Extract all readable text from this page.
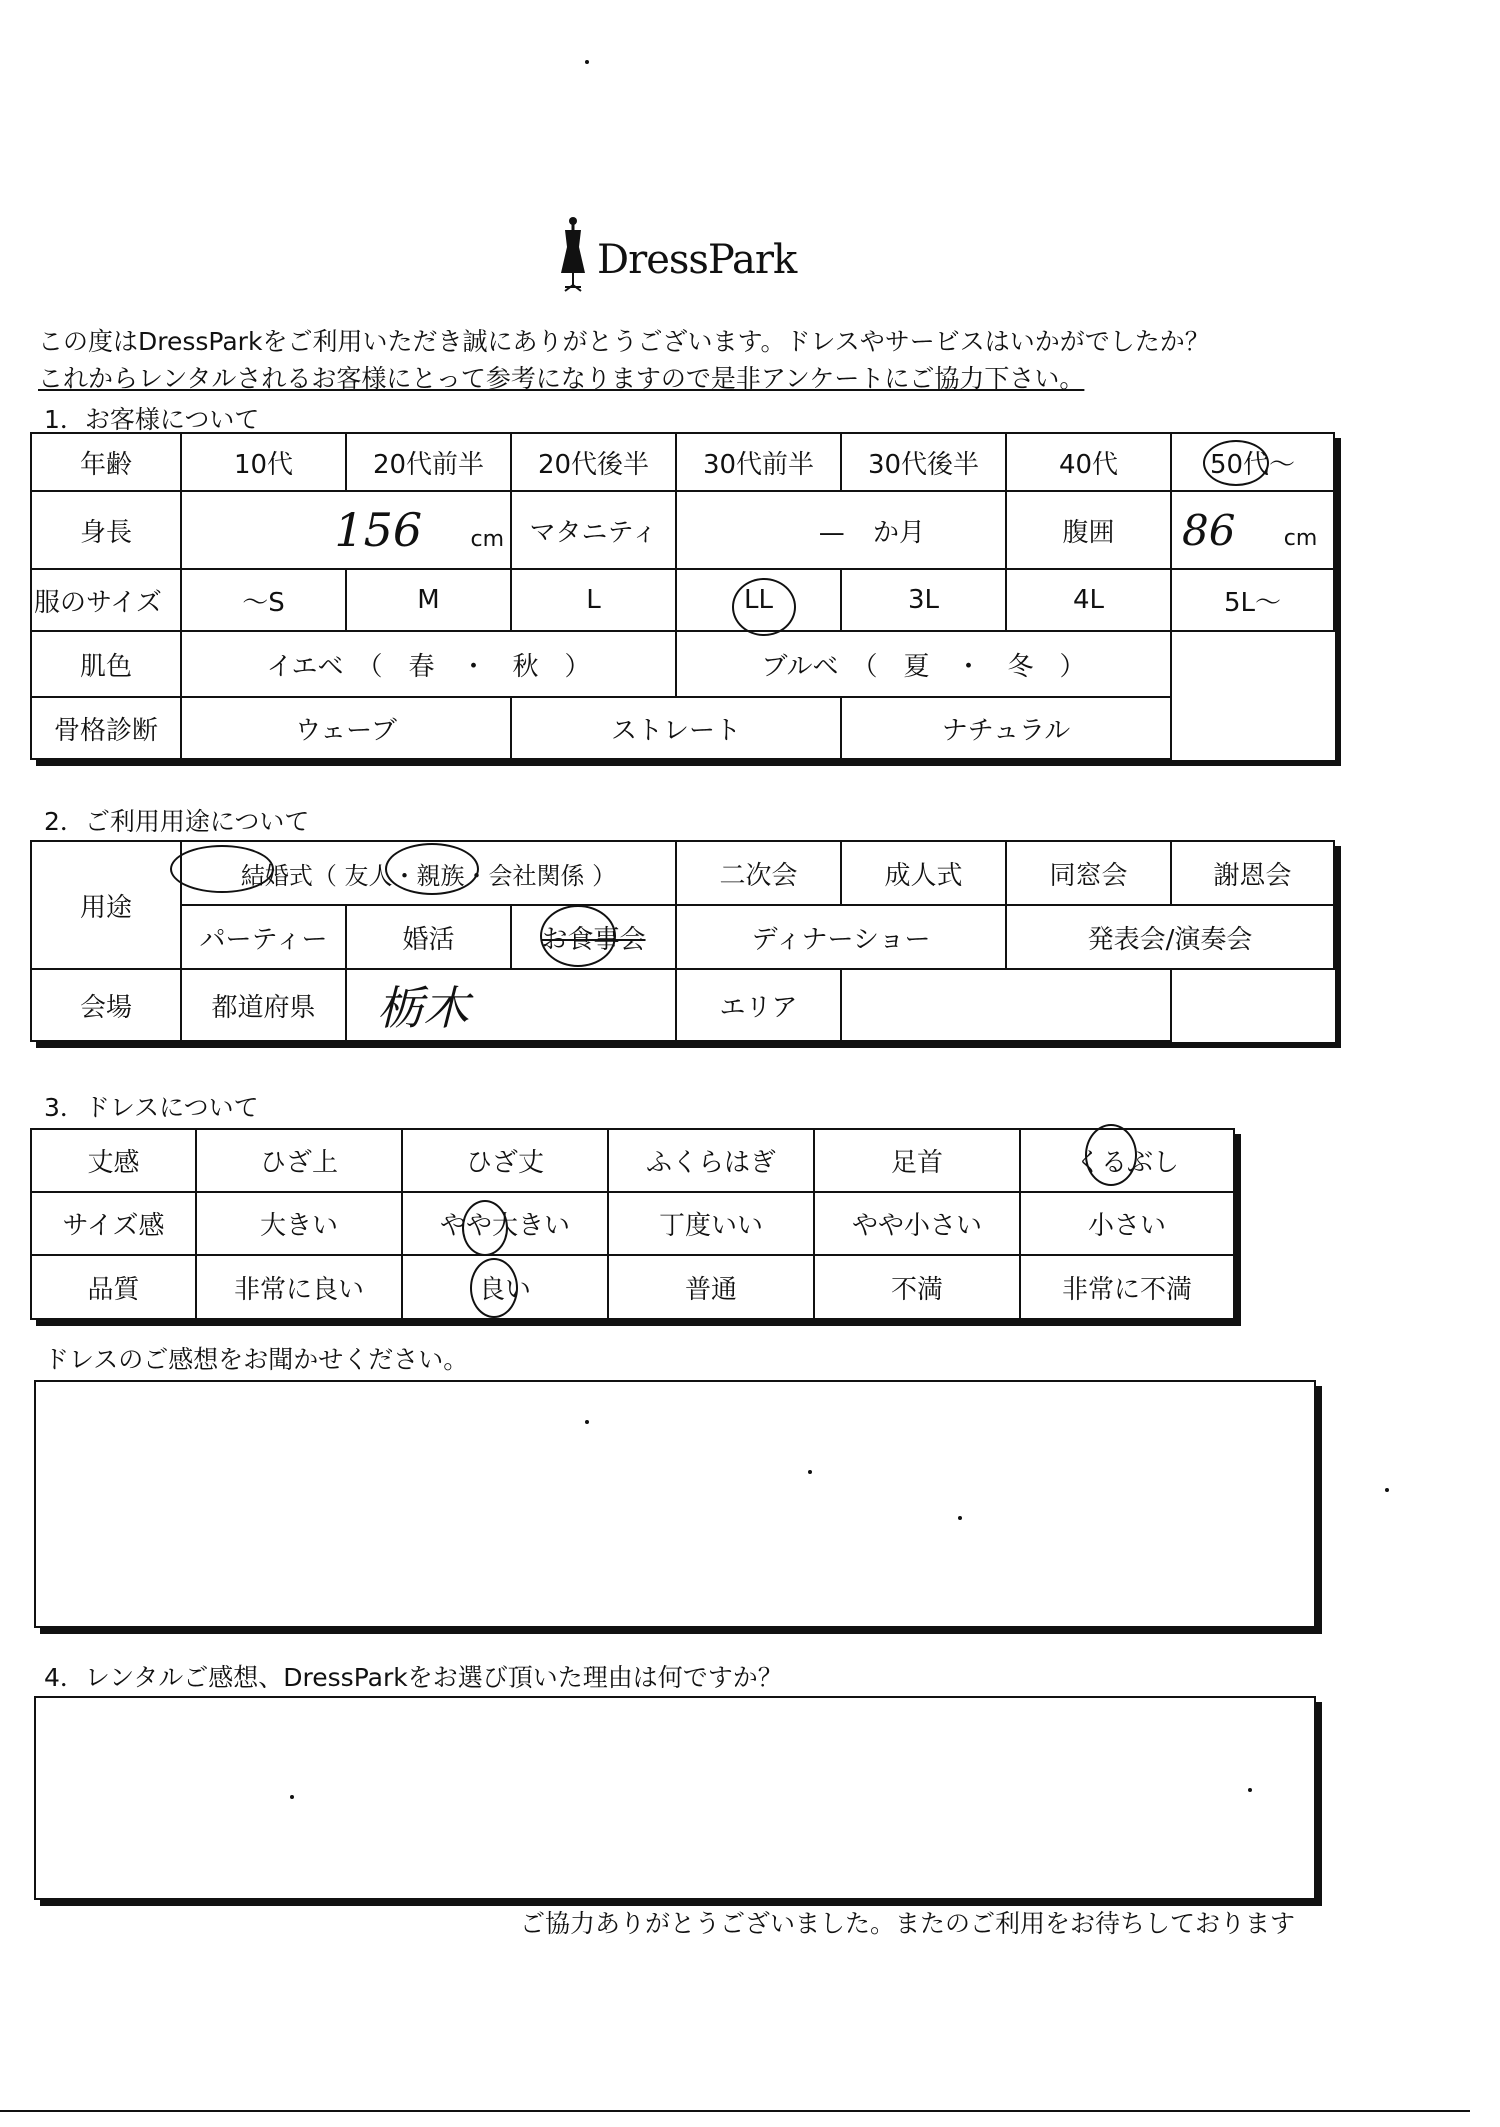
DressPark
この度はDressParkをご利用いただき誠にありがとうございます。ドレスやサービスはいかがでしたか？
これからレンタルされるお客様にとって参考になりますので是非アンケートにご協力下さい。
1．お客様について
年齢	10代	20代前半	20代後半	30代前半	30代後半	40代	50代～
身長	156 cm		マタニティ	— か月		腹囲	86 cm
服のサイズ	～S	M	L	LL	3L	4L	5L～
肌色	イエベ　（　春　・　秋　）			ブルベ　（　夏　・　冬　）			
骨格診断	ウェーブ		ストレート		ナチュラル		
2．ご利用用途について
用途	結婚式（ 友人・親族・会社関係 ）			二次会	成人式	同窓会	謝恩会
	パーティー	婚活	お食事会	ディナーショー		発表会/演奏会	
会場	都道府県	栃木		エリア			
3．ドレスについて
丈感	ひざ上	ひざ丈	ふくらはぎ	足首	くるぶし
サイズ感	大きい	やや大きい	丁度いい	やや小さい	小さい
品質	非常に良い	良い	普通	不満	非常に不満
ドレスのご感想をお聞かせください。
4．レンタルご感想、DressParkをお選び頂いた理由は何ですか？
ご協力ありがとうございました。またのご利用をお待ちしております
